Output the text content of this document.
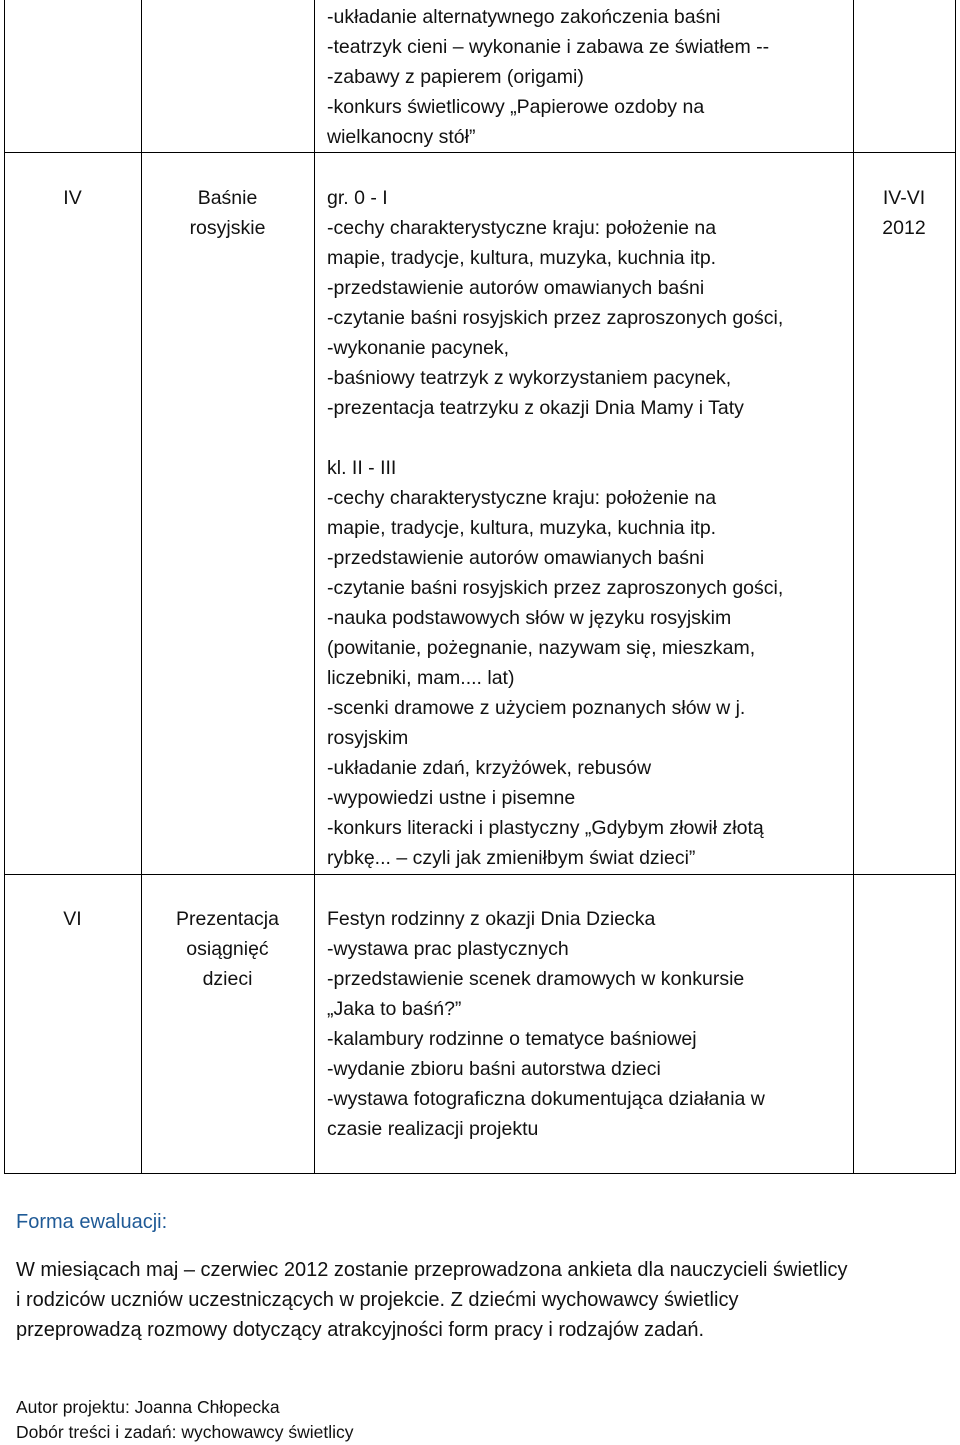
-układanie alternatywnego zakończenia baśni
-teatrzyk cieni – wykonanie i zabawa ze światłem --
-zabawy z papierem (origami)
-konkurs świetlicowy „Papierowe ozdoby na
wielkanocny stół”
IV	Baśnie
rosyjskie
gr. 0 - I
-cechy charakterystyczne kraju: położenie na
mapie, tradycje, kultura, muzyka, kuchnia itp.
-przedstawienie autorów omawianych baśni
-czytanie baśni rosyjskich przez zaproszonych gości,
-wykonanie pacynek,
-baśniowy teatrzyk z wykorzystaniem pacynek,
-prezentacja teatrzyku z okazji Dnia Mamy i Taty
kl. II - III
-cechy charakterystyczne kraju: położenie na
mapie, tradycje, kultura, muzyka, kuchnia itp.
-przedstawienie autorów omawianych baśni
-czytanie baśni rosyjskich przez zaproszonych gości,
-nauka podstawowych słów w języku rosyjskim
(powitanie, pożegnanie, nazywam się, mieszkam,
liczebniki, mam.... lat)
-scenki dramowe z użyciem poznanych słów w j.
rosyjskim
-układanie zdań, krzyżówek, rebusów
-wypowiedzi ustne i pisemne
-konkurs literacki i plastyczny „Gdybym złowił złotą
rybkę... – czyli jak zmieniłbym świat dzieci”
IV-VI
2012
VI	Prezentacja
osiągnięć
dzieci
Festyn rodzinny z okazji Dnia Dziecka
-wystawa prac plastycznych
-przedstawienie scenek dramowych w konkursie
„Jaka to baśń?”
-kalambury rodzinne o tematyce baśniowej
-wydanie zbioru baśni autorstwa dzieci
-wystawa fotograficzna dokumentująca działania w
czasie realizacji projektu
Forma ewaluacji:
W miesiącach maj – czerwiec 2012 zostanie przeprowadzona ankieta dla nauczycieli świetlicy
i rodziców uczniów uczestniczących w projekcie. Z dziećmi wychowawcy świetlicy
przeprowadzą rozmowy dotyczący atrakcyjności form pracy i rodzajów zadań.
Autor projektu: Joanna Chłopecka
Dobór treści i zadań: wychowawcy świetlicy
